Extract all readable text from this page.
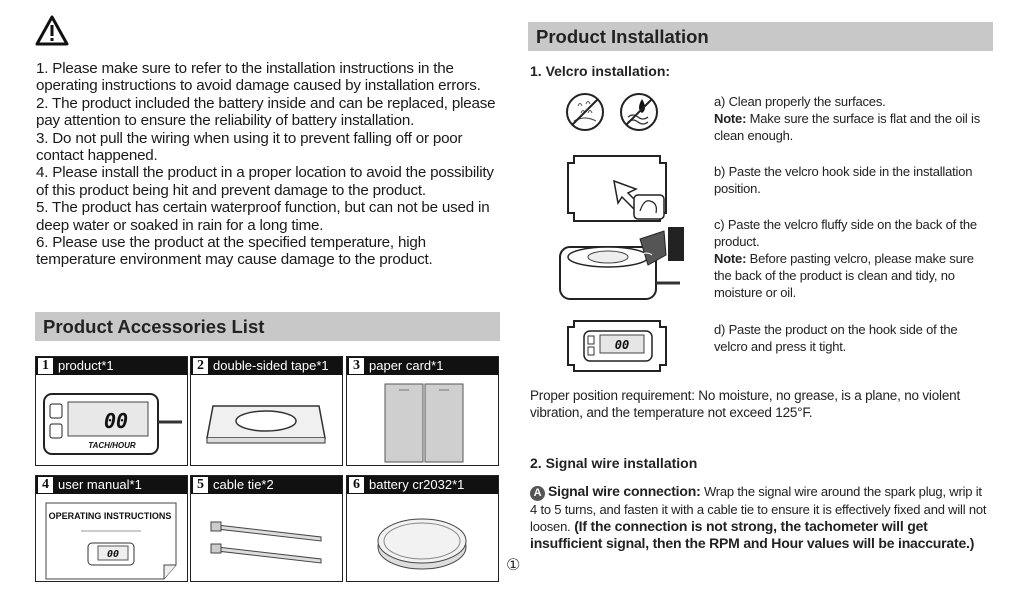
1. Please make sure to refer to the installation instructions in the operating instructions to avoid damage caused by installation errors.

2. The product included the battery inside and can be replaced, please pay attention to ensure the reliability of battery installation.

3. Do not pull the wiring when using it to prevent falling off or poor contact happened.

4. Please install the product in a proper location to avoid the possibility of this product being hit and prevent damage to the product.

5. The product has certain waterproof function, but can not be used in deep water or soaked in rain for a long time.

6. Please use the product at the specified temperature, high temperature environment may cause damage to the product.

Product Accessories List
1 product*1
00
TACH/HOUR
2 double-sided tape*1	3 paper card*1
4 user manual*1
OPERATING INSTRUCTIONS
00
5 cable tie*2	6 battery cr2032*1
①
Product Installation
1. Velcro installation:
a) Clean properly the surfaces.
Note: Make sure the surface is flat and the oil is clean enough.
b) Paste the velcro hook side in the installation position.
c) Paste the velcro fluffy side on the back of the product.
Note: Before pasting velcro, please make sure the back of the product is clean and tidy, no moisture or oil.
00
d) Paste the product on the hook side of the velcro and press it tight.
Proper position requirement: No moisture, no grease, is a plane, no violent vibration, and the temperature not exceed 125°F.
2. Signal wire installation
A Signal wire connection: Wrap the signal wire around the spark plug, wrip it 4 to 5 turns, and fasten it with a cable tie to ensure it is effectively fixed and will not loosen. (If the connection is not strong, the tachometer will get insufficient signal, then the RPM and Hour values will be inaccurate.)
